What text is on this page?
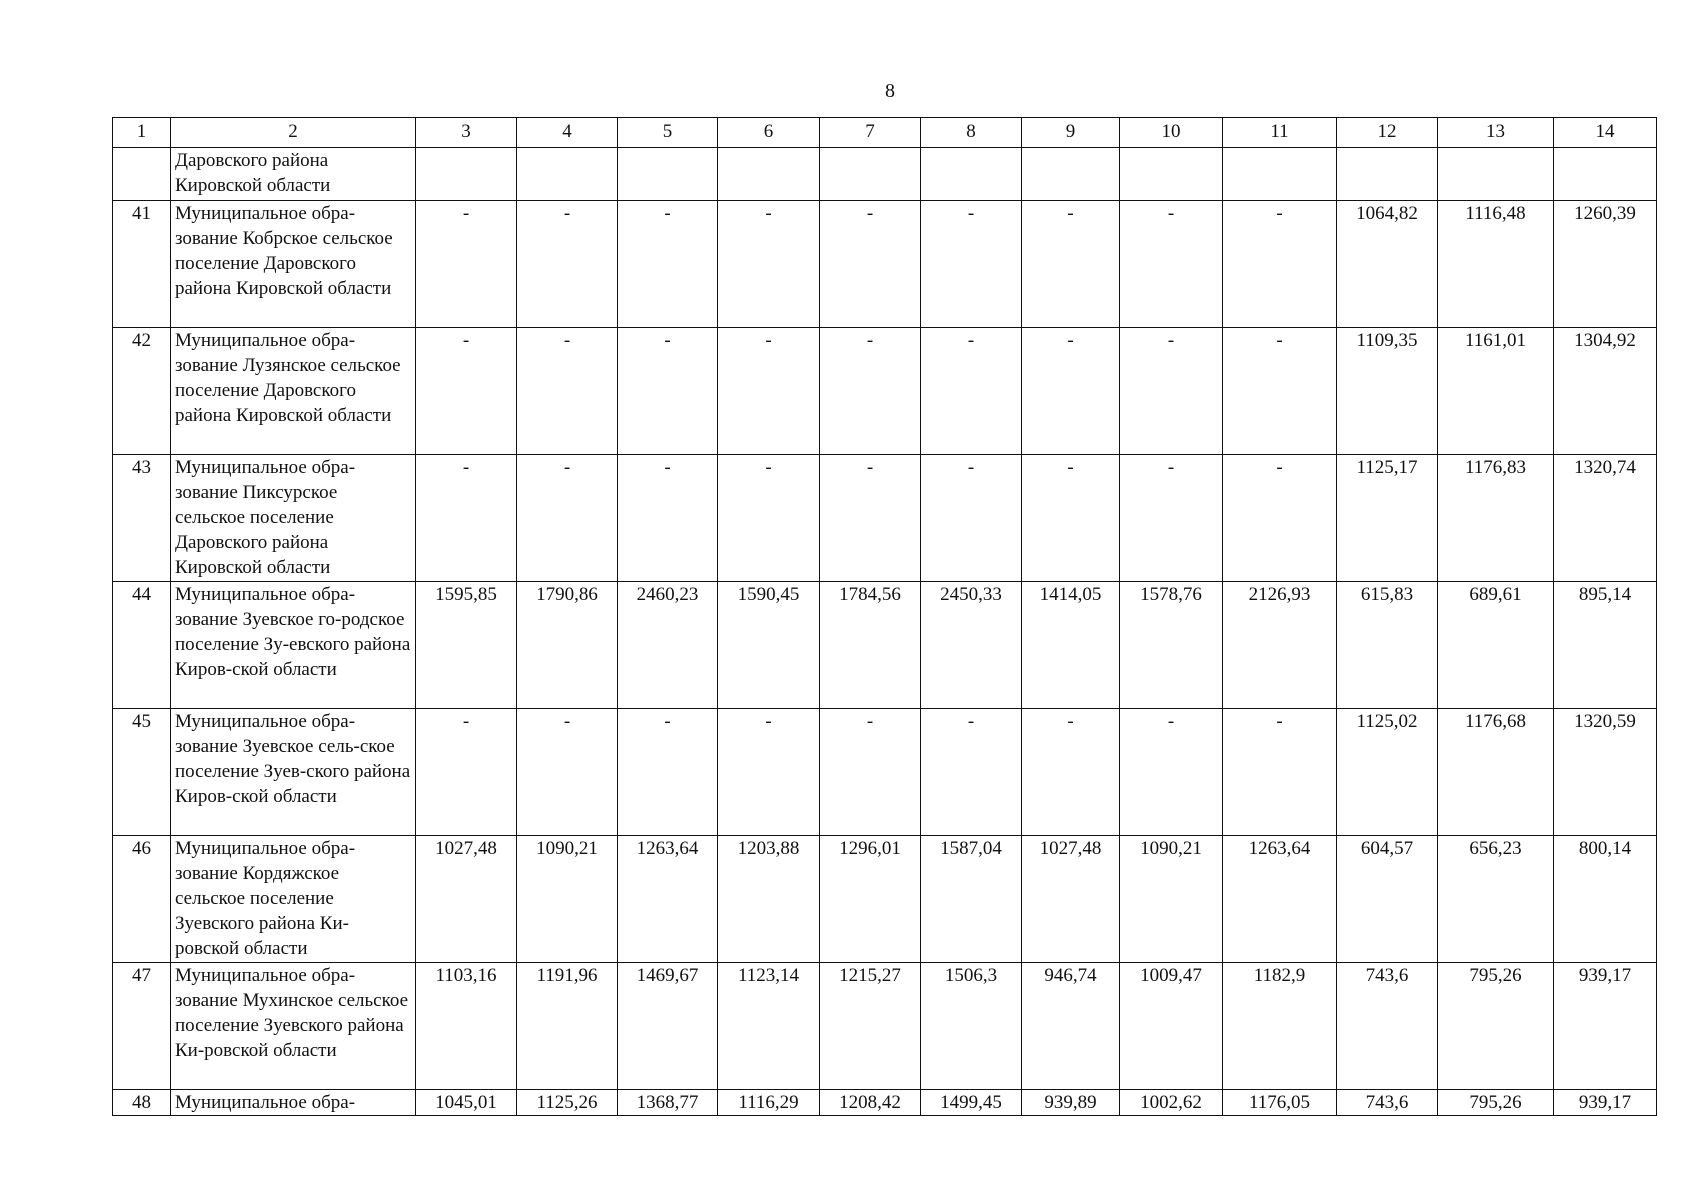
8
1	2	3	4	5	6	7	8	9	10	11	12	13	14
	Даровского района Кировской области												
41	Муниципальное обра-зование Кобрское сельское поселение Даровского района Кировской области	-	-	-	-	-	-	-	-	-	1064,82	1116,48	1260,39
42	Муниципальное обра-зование Лузянское сельское поселение Даровского района Кировской области	-	-	-	-	-	-	-	-	-	1109,35	1161,01	1304,92
43	Муниципальное обра-зование Пиксурское сельское поселение Даровского района Кировской области	-	-	-	-	-	-	-	-	-	1125,17	1176,83	1320,74
44	Муниципальное обра-зование Зуевское го-родское поселение Зу-евского района Киров-ской области	1595,85	1790,86	2460,23	1590,45	1784,56	2450,33	1414,05	1578,76	2126,93	615,83	689,61	895,14
45	Муниципальное обра-зование Зуевское сель-ское поселение Зуев-ского района Киров-ской области	-	-	-	-	-	-	-	-	-	1125,02	1176,68	1320,59
46	Муниципальное обра-зование Кордяжское сельское поселение Зуевского района Ки-ровской области	1027,48	1090,21	1263,64	1203,88	1296,01	1587,04	1027,48	1090,21	1263,64	604,57	656,23	800,14
47	Муниципальное обра-зование Мухинское сельское поселение Зуевского района Ки-ровской области	1103,16	1191,96	1469,67	1123,14	1215,27	1506,3	946,74	1009,47	1182,9	743,6	795,26	939,17
48	Муниципальное обра-	1045,01	1125,26	1368,77	1116,29	1208,42	1499,45	939,89	1002,62	1176,05	743,6	795,26	939,17
